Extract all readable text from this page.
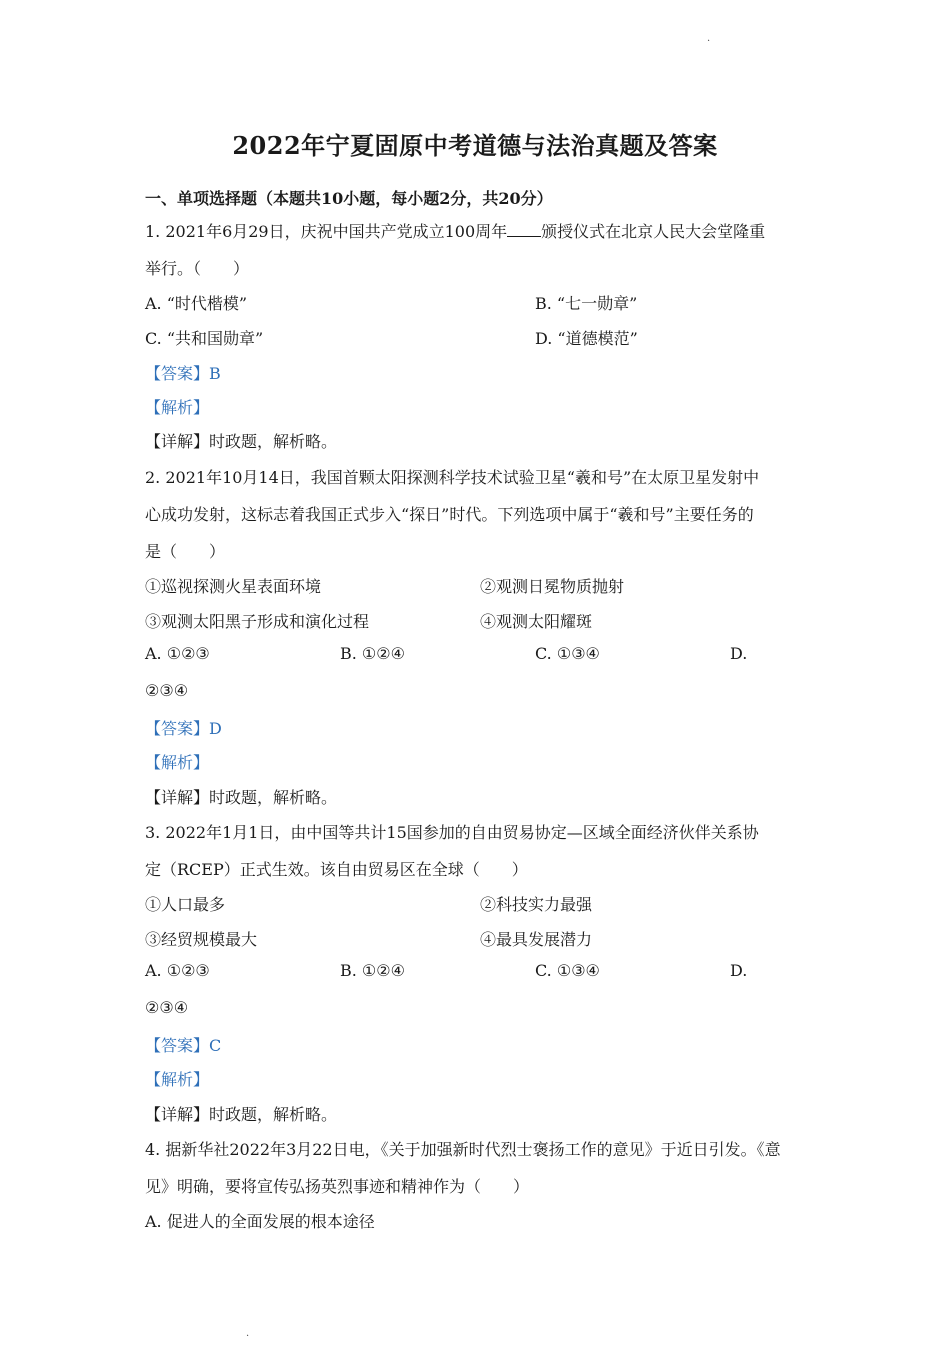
·
2022年宁夏固原中考道德与法治真题及答案
一、单项选择题（本题共10小题，每小题2分，共20分）
1. 2021年6月29日，庆祝中国共产党成立100周年 颁授仪式在北京人民大会堂隆重
举行。（　　）
A. “时代楷模”	B. “七一勋章”
C. “共和国勋章”	D. “道德模范”
【答案】B
【解析】
【详解】时政题，解析略。
2. 2021年10月14日，我国首颗太阳探测科学技术试验卫星“羲和号”在太原卫星发射中
心成功发射，这标志着我国正式步入“探日”时代。下列选项中属于“羲和号”主要任务的
是（　　）
①巡视探测火星表面环境	②观测日冕物质抛射
③观测太阳黑子形成和演化过程	④观测太阳耀斑
A. ①②③	B. ①②④	C. ①③④	D.
②③④
【答案】D
【解析】
【详解】时政题，解析略。
3. 2022年1月1日，由中国等共计15国参加的自由贸易协定—区域全面经济伙伴关系协
定（RCEP）正式生效。该自由贸易区在全球（　　）
①人口最多	②科技实力最强
③经贸规模最大	④最具发展潜力
A. ①②③	B. ①②④	C. ①③④	D.
②③④
【答案】C
【解析】
【详解】时政题，解析略。
4. 据新华社2022年3月22日电，《关于加强新时代烈士褒扬工作的意见》于近日引发。《意
见》明确，要将宣传弘扬英烈事迹和精神作为（　　）
A. 促进人的全面发展的根本途径
·
